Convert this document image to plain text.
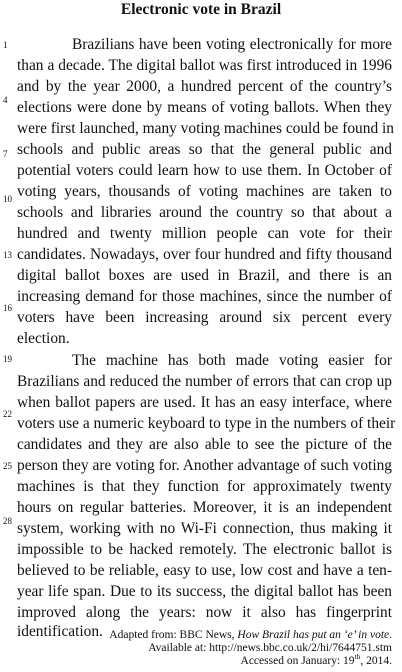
Electronic vote in Brazil
Brazilians have been voting electronically for more
than a decade. The digital ballot was first introduced in 1996
and by the year 2000, a hundred percent of the country’s
elections were done by means of voting ballots. When they
were first launched, many voting machines could be found in
schools and public areas so that the general public and
potential voters could learn how to use them. In October of
voting years, thousands of voting machines are taken to
schools and libraries around the country so that about a
hundred and twenty million people can vote for their
candidates. Nowadays, over four hundred and fifty thousand
digital ballot boxes are used in Brazil, and there is an
increasing demand for those machines, since the number of
voters have been increasing around six percent every
election.
The machine has both made voting easier for
Brazilians and reduced the number of errors that can crop up
when ballot papers are used. It has an easy interface, where
voters use a numeric keyboard to type in the numbers of their
candidates and they are also able to see the picture of the
person they are voting for. Another advantage of such voting
machines is that they function for approximately twenty
hours on regular batteries. Moreover, it is an independent
system, working with no Wi-Fi connection, thus making it
impossible to be hacked remotely. The electronic ballot is
believed to be reliable, easy to use, low cost and have a ten-
year life span. Due to its success, the digital ballot has been
improved along the years: now it also has fingerprint
identification.
1
4
7
10
13
16
19
22
25
28
Adapted from: BBC News, How Brazil has put an ‘e’ in vote.
Available at: http://news.bbc.co.uk/2/hi/7644751.stm
Accessed on January: 19th, 2014.
